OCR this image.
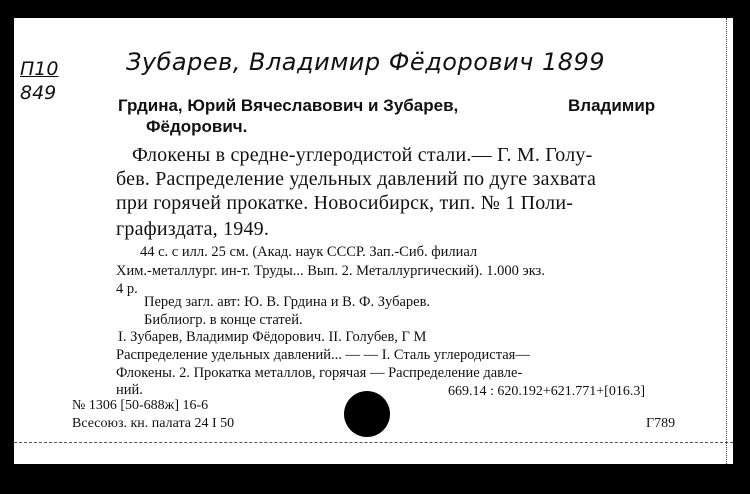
П10
849
Зубарев, Владимир Фёдорович 1899
Грдина, Юрий Вячеславович и Зубарев,	Владимир
Фёдорович.
Флокены в средне-углеродистой стали.— Г. М. Голу-
бев. Распределение удельных давлений по дуге захвата
при горячей прокатке. Новосибирск, тип. № 1 Поли-
графиздата, 1949.
44 с. с илл. 25 см. (Акад. наук СССР. Зап.-Сиб. филиал
Хим.-металлург. ин-т. Труды... Вып. 2. Металлургический). 1.000 экз.
4 р.
Перед загл. авт: Ю. В. Грдина и В. Ф. Зубарев.
Библиогр. в конце статей.
I. Зубарев, Владимир Фёдорович. II. Голубев, Г М
Распределение удельных давлений... — — I. Сталь углеродистая—
Флокены. 2. Прокатка металлов, горячая — Распределение давле-
ний.
№ 1306 [50-688ж] 16-6
Всесоюз. кн. палата 24 I 50
669.14 : 620.192+621.771+[016.3]
Г789
